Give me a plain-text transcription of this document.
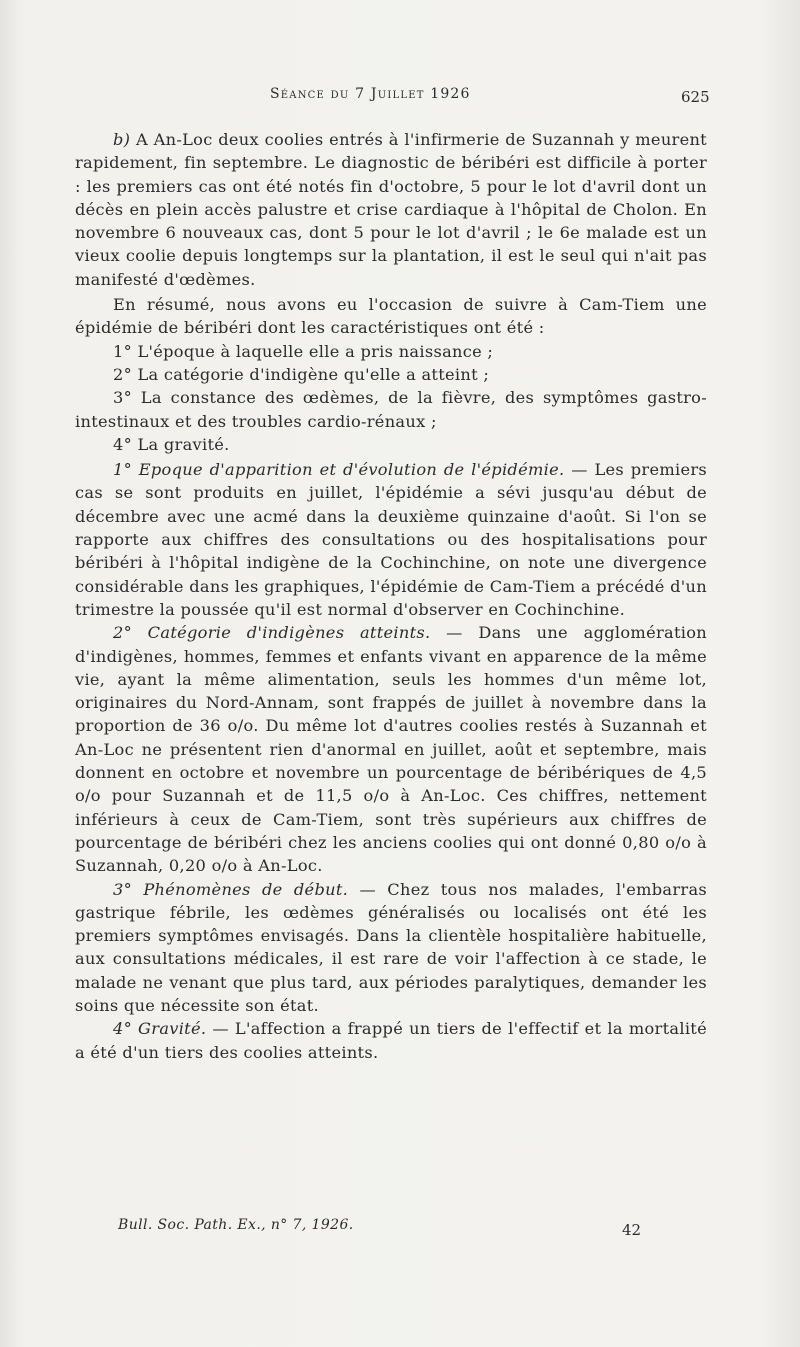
Séance du 7 Juillet 1926	625

b) A An-Loc deux coolies entrés à l'infirmerie de Suzannah y meurent rapidement, fin septembre. Le diagnostic de béribéri est difficile à porter : les premiers cas ont été notés fin d'octobre, 5 pour le lot d'avril dont un décès en plein accès palustre et crise cardiaque à l'hôpital de Cholon. En novembre 6 nouveaux cas, dont 5 pour le lot d'avril ; le 6e malade est un vieux coolie depuis longtemps sur la plantation, il est le seul qui n'ait pas manifesté d'œdèmes.

En résumé, nous avons eu l'occasion de suivre à Cam-Tiem une épidémie de béribéri dont les caractéristiques ont été :

1° L'époque à laquelle elle a pris naissance ;

2° La catégorie d'indigène qu'elle a atteint ;

3° La constance des œdèmes, de la fièvre, des symptômes gastro-intestinaux et des troubles cardio-rénaux ;

4° La gravité.

1° Epoque d'apparition et d'évolution de l'épidémie. — Les premiers cas se sont produits en juillet, l'épidémie a sévi jusqu'au début de décembre avec une acmé dans la deuxième quinzaine d'août. Si l'on se rapporte aux chiffres des consultations ou des hospitalisations pour béribéri à l'hôpital indigène de la Cochinchine, on note une divergence considérable dans les graphiques, l'épidémie de Cam-Tiem a précédé d'un trimestre la poussée qu'il est normal d'observer en Cochinchine.

2° Catégorie d'indigènes atteints. — Dans une agglomération d'indigènes, hommes, femmes et enfants vivant en apparence de la même vie, ayant la même alimentation, seuls les hommes d'un même lot, originaires du Nord-Annam, sont frappés de juillet à novembre dans la proportion de 36 o/o. Du même lot d'autres coolies restés à Suzannah et An-Loc ne présentent rien d'anormal en juillet, août et septembre, mais donnent en octobre et novembre un pourcentage de béribériques de 4,5 o/o pour Suzannah et de 11,5 o/o à An-Loc. Ces chiffres, nettement inférieurs à ceux de Cam-Tiem, sont très supérieurs aux chiffres de pourcentage de béribéri chez les anciens coolies qui ont donné 0,80 o/o à Suzannah, 0,20 o/o à An-Loc.

3° Phénomènes de début. — Chez tous nos malades, l'embarras gastrique fébrile, les œdèmes généralisés ou localisés ont été les premiers symptômes envisagés. Dans la clientèle hospitalière habituelle, aux consultations médicales, il est rare de voir l'affection à ce stade, le malade ne venant que plus tard, aux périodes paralytiques, demander les soins que nécessite son état.

4° Gravité. — L'affection a frappé un tiers de l'effectif et la mortalité a été d'un tiers des coolies atteints.

Bull. Soc. Path. Ex., n° 7, 1926.	42
